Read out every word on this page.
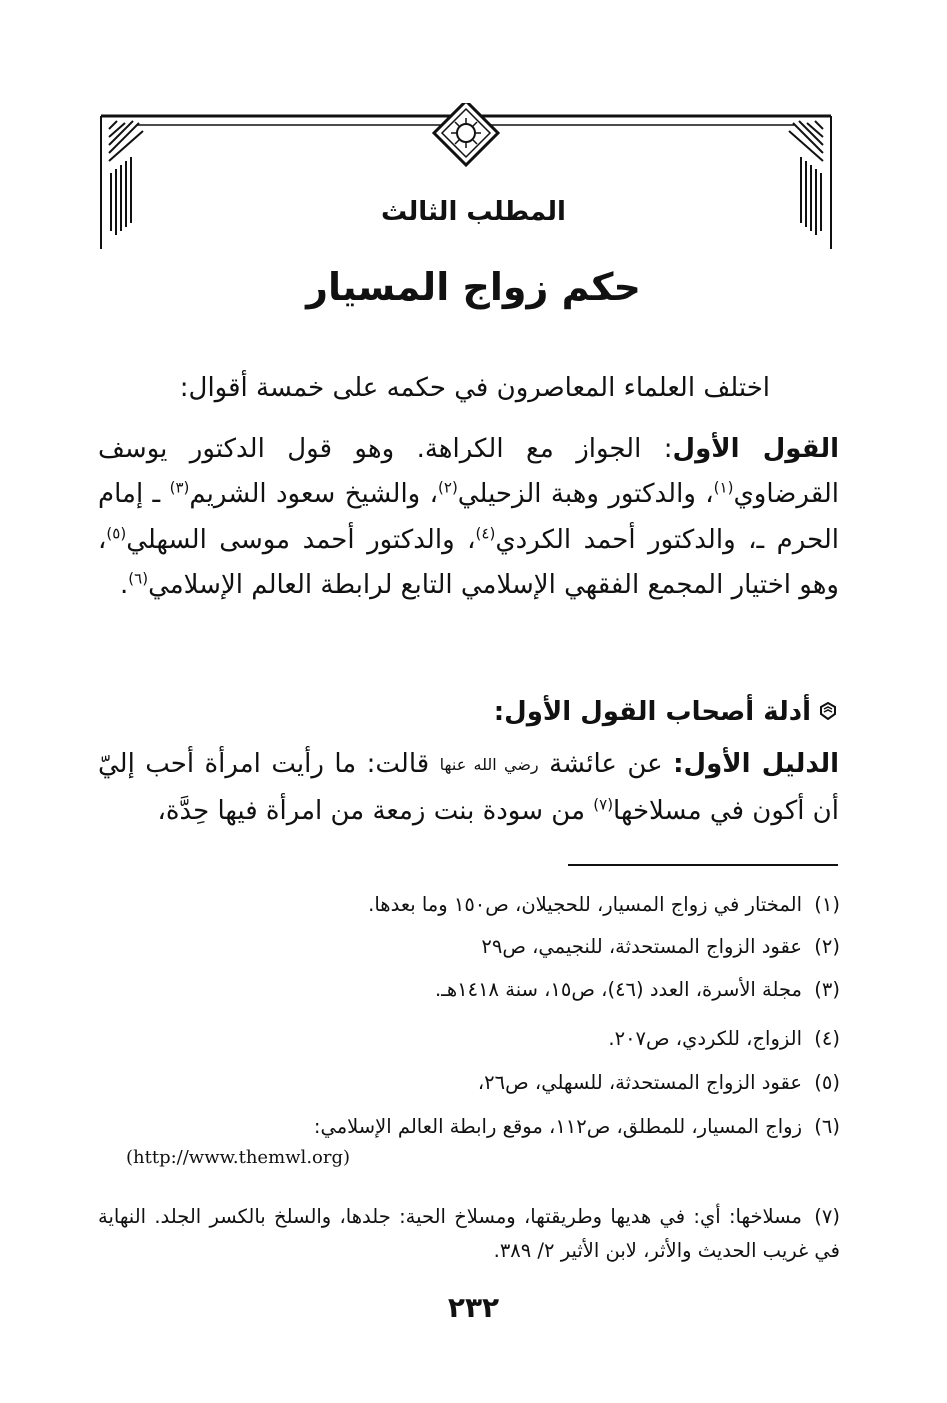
المطلب الثالث
حكم زواج المسيار
اختلف العلماء المعاصرون في حكمه على خمسة أقوال:
القول الأول: الجواز مع الكراهة. وهو قول الدكتور يوسف القرضاوي$^{(١)}$، والدكتور وهبة الزحيلي$^{(٢)}$، والشيخ سعود الشريم$^{(٣)}$ ـ إمام الحرم ـ، والدكتور أحمد الكردي$^{(٤)}$، والدكتور أحمد موسى السهلي$^{(٥)}$، وهو اختيار المجمع الفقهي الإسلامي التابع لرابطة العالم الإسلامي$^{(٦)}$.
أدلة أصحاب القول الأول:
الدليل الأول: عن عائشة رضي الله عنها قالت: ما رأيت امرأة أحب إليّ أن أكون في مسلاخها$^{(٧)}$ من سودة بنت زمعة من امرأة فيها حِدَّة،
(١)المختار في زواج المسيار، للحجيلان، ص١٥٠ وما بعدها.
(٢)عقود الزواج المستحدثة، للنجيمي، ص٢٩
(٣)مجلة الأسرة، العدد (٤٦)، ص١٥، سنة ١٤١٨هـ.
(٤)الزواج، للكردي، ص٢٠٧.
(٥)عقود الزواج المستحدثة، للسهلي، ص٢٦،
(٦)زواج المسيار، للمطلق، ص١١٢، موقع رابطة العالم الإسلامي:
(http://www.themwl.org)
(٧)مسلاخها: أي: في هديها وطريقتها، ومسلاخ الحية: جلدها، والسلخ بالكسر الجلد. النهاية في غريب الحديث والأثر، لابن الأثير ٢/ ٣٨٩.
٢٣٢
